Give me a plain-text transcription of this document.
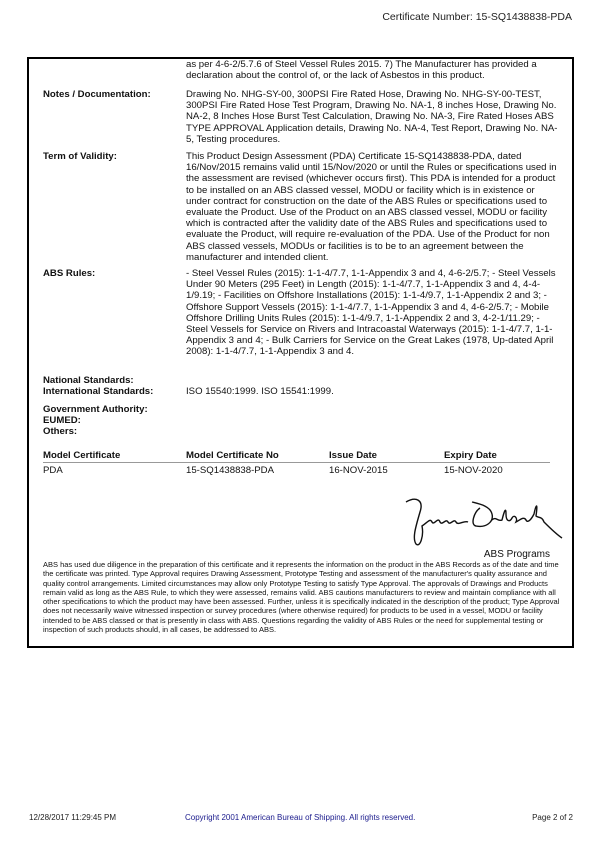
Certificate Number: 15-SQ1438838-PDA
as per 4-6-2/5.7.6 of Steel Vessel Rules 2015. 7) The Manufacturer has provided a
declaration about the control of, or the lack of Asbestos in this product.
Notes / Documentation:	Drawing No. NHG-SY-00, 300PSI Fire Rated Hose, Drawing No. NHG-SY-00-TEST, 300PSI Fire Rated Hose Test Program, Drawing No. NA-1, 8 inches Hose, Drawing No. NA-2, 8 Inches Hose Burst Test Calculation, Drawing No. NA-3, Fire Rated Hoses ABS TYPE APPROVAL Application details, Drawing No. NA-4, Test Report, Drawing No. NA-5, Testing procedures.
Term of Validity:	This Product Design Assessment (PDA) Certificate 15-SQ1438838-PDA, dated 16/Nov/2015 remains valid until 15/Nov/2020 or until the Rules or specifications used in the assessment are revised (whichever occurs first). This PDA is intended for a product to be installed on an ABS classed vessel, MODU or facility which is in existence or under contract for construction on the date of the ABS Rules or specifications used to evaluate the Product. Use of the Product on an ABS classed vessel, MODU or facility which is contracted after the validity date of the ABS Rules and specifications used to evaluate the Product, will require re-evaluation of the PDA. Use of the Product for non ABS classed vessels, MODUs or facilities is to be to an agreement between the manufacturer and intended client.
ABS Rules:	- Steel Vessel Rules (2015): 1-1-4/7.7, 1-1-Appendix 3 and 4, 4-6-2/5.7; - Steel Vessels Under 90 Meters (295 Feet) in Length (2015): 1-1-4/7.7, 1-1-Appendix 3 and 4, 4-4-1/9.19; - Facilities on Offshore Installations (2015): 1-1-4/9.7, 1-1-Appendix 2 and 3; - Offshore Support Vessels (2015): 1-1-4/7.7, 1-1-Appendix 3 and 4, 4-6-2/5.7; - Mobile Offshore Drilling Units Rules (2015): 1-1-4/9.7, 1-1-Appendix 2 and 3, 4-2-1/11.29; - Steel Vessels for Service on Rivers and Intracoastal Waterways (2015): 1-1-4/7.7, 1-1-Appendix 3 and 4; - Bulk Carriers for Service on the Great Lakes (1978, Up-dated April 2008): 1-1-4/7.7, 1-1-Appendix 3 and 4.
National Standards:
International Standards:	ISO 15540:1999. ISO 15541:1999.
Government Authority:
EUMED:
Others:
Model Certificate	Model Certificate No	Issue Date	Expiry Date
PDA	15-SQ1438838-PDA	16-NOV-2015	15-NOV-2020
ABS Programs
ABS has used due diligence in the preparation of this certificate and it represents the information on the product in the ABS Records as of the date and time the certificate was printed. Type Approval requires Drawing Assessment, Prototype Testing and assessment of the manufacturer's quality assurance and quality control arrangements. Limited circumstances may allow only Prototype Testing to satisfy Type Approval. The approvals of Drawings and Products remain valid as long as the ABS Rule, to which they were assessed, remains valid. ABS cautions manufacturers to review and maintain compliance with all other specifications to which the product may have been assessed. Further, unless it is specifically indicated in the description of the product; Type Approval does not necessarily waive witnessed inspection or survey procedures (where otherwise required) for products to be used in a vessel, MODU or facility intended to be ABS classed or that is presently in class with ABS. Questions regarding the validity of ABS Rules or the need for supplemental testing or inspection of such products should, in all cases, be addressed to ABS.
12/28/2017 11:29:45 PM	Copyright 2001 American Bureau of Shipping. All rights reserved.	Page 2 of 2
